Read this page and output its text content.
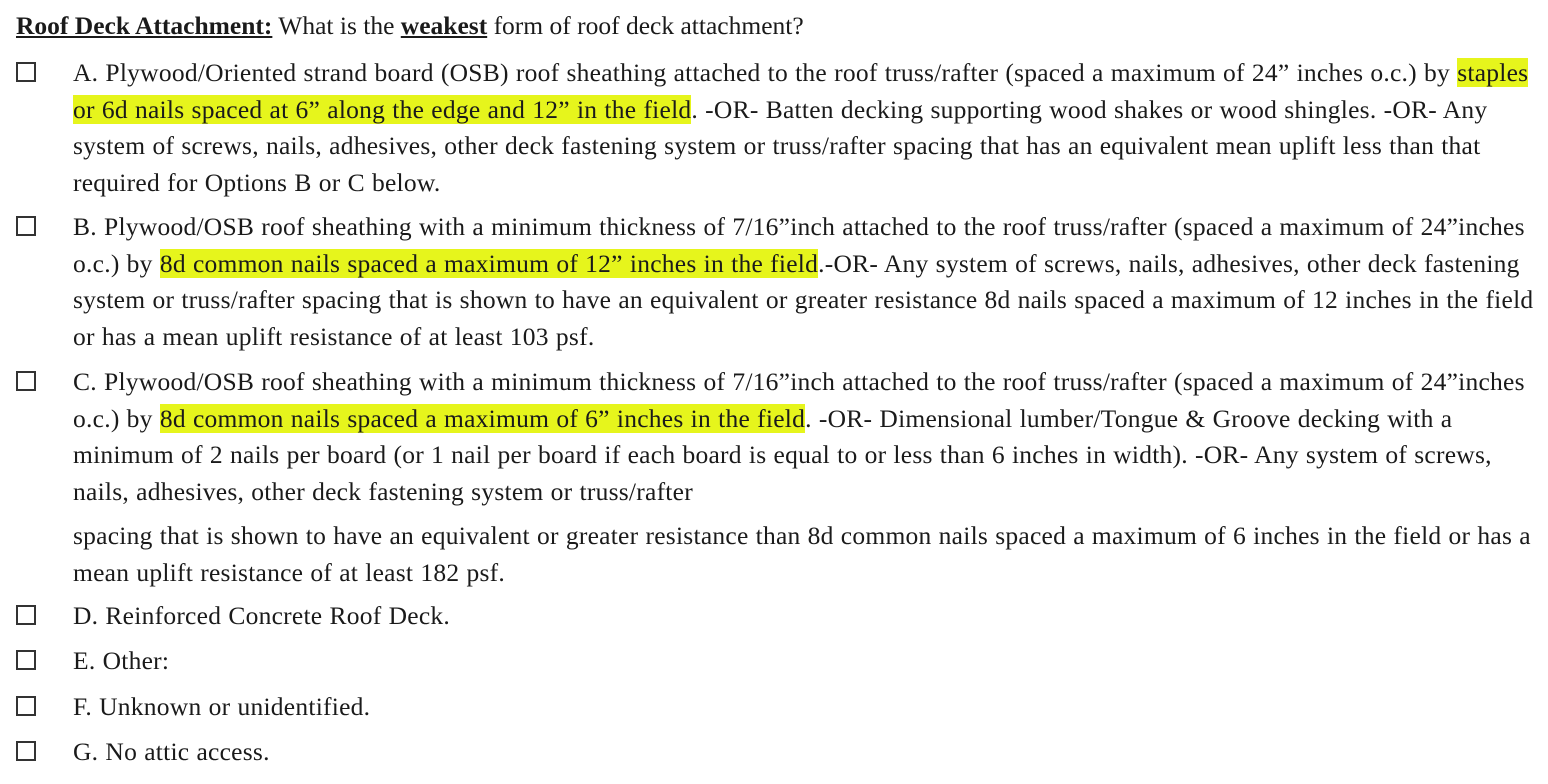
Roof Deck Attachment: What is the weakest form of roof deck attachment?
A. Plywood/Oriented strand board (OSB) roof sheathing attached to the roof truss/rafter (spaced a maximum of 24” inches o.c.) by staples or 6d nails spaced at 6” along the edge and 12” in the field. -OR- Batten decking supporting wood shakes or wood shingles. -OR- Any system of screws, nails, adhesives, other deck fastening system or truss/rafter spacing that has an equivalent mean uplift less than that required for Options B or C below.
B. Plywood/OSB roof sheathing with a minimum thickness of 7/16”inch attached to the roof truss/rafter (spaced a maximum of 24”inches o.c.) by 8d common nails spaced a maximum of 12” inches in the field.-OR- Any system of screws, nails, adhesives, other deck fastening system or truss/rafter spacing that is shown to have an equivalent or greater resistance 8d nails spaced a maximum of 12 inches in the field or has a mean uplift resistance of at least 103 psf.
C. Plywood/OSB roof sheathing with a minimum thickness of 7/16”inch attached to the roof truss/rafter (spaced a maximum of 24”inches o.c.) by 8d common nails spaced a maximum of 6” inches in the field. -OR- Dimensional lumber/Tongue & Groove decking with a minimum of 2 nails per board (or 1 nail per board if each board is equal to or less than 6 inches in width). -OR- Any system of screws, nails, adhesives, other deck fastening system or truss/rafter
spacing that is shown to have an equivalent or greater resistance than 8d common nails spaced a maximum of 6 inches in the field or has a mean uplift resistance of at least 182 psf.
D. Reinforced Concrete Roof Deck.
E. Other:
F. Unknown or unidentified.
G. No attic access.
